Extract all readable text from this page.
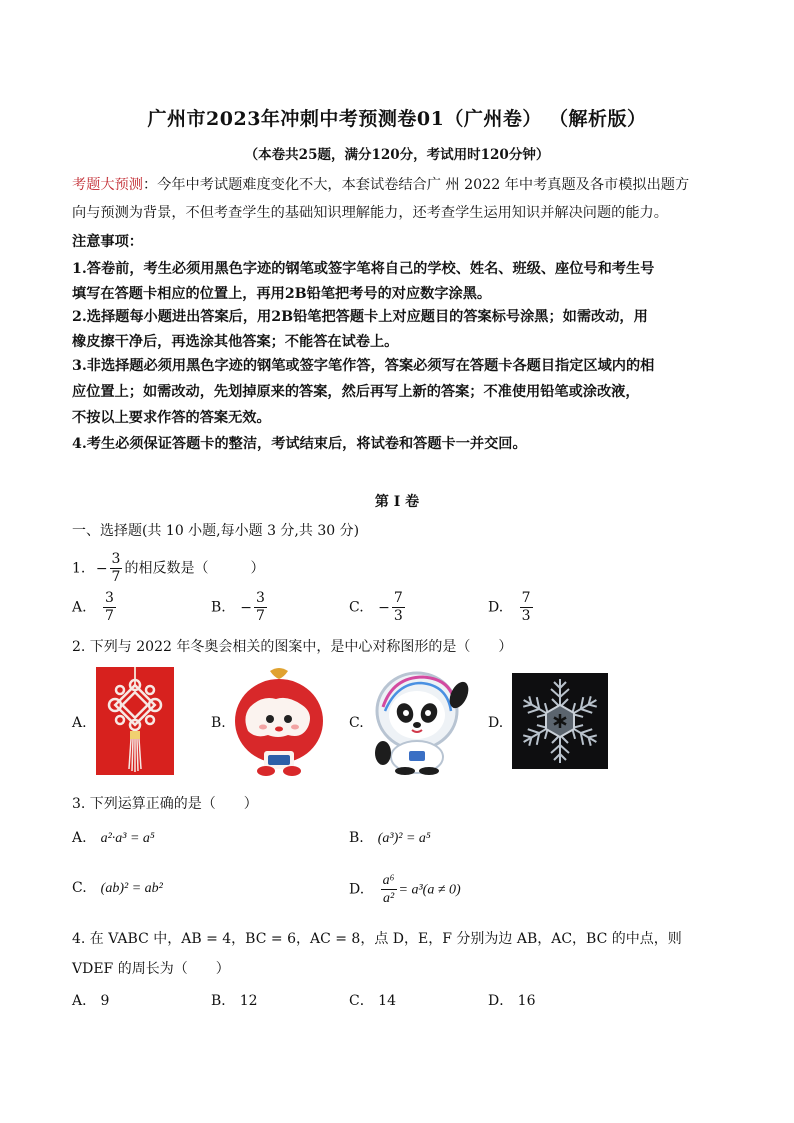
广州市2023年冲刺中考预测卷01（广州卷） （解析版）
（本卷共25题，满分120分，考试用时120分钟）
考题大预测：今年中考试题难度变化不大，本套试卷结合广 州 2022 年中考真题及各市模拟出题方
向与预测为背景，不但考查学生的基础知识理解能力，还考查学生运用知识并解决问题的能力。
注意事项：
1.答卷前，考生必须用黑色字迹的钢笔或签字笔将自己的学校、姓名、班级、座位号和考生号
填写在答题卡相应的位置上，再用2B铅笔把考号的对应数字涂黑。
2.选择题每小题进出答案后，用2B铅笔把答题卡上对应题目的答案标号涂黑；如需改动，用
橡皮擦干净后，再选涂其他答案；不能答在试卷上。
3.非选择题必须用黑色字迹的钢笔或签字笔作答，答案必须写在答题卡各题目指定区域内的相
应位置上；如需改动，先划掉原来的答案，然后再写上新的答案；不准使用铅笔或涂改液，
不按以上要求作答的答案无效。
4.考生必须保证答题卡的整洁，考试结束后，将试卷和答题卡一并交回。
第 I 卷
一、选择题(共 10 小题,每小题 3 分,共 30 分)
1. − $\frac{3}{7}$ 的相反数是（　　　）
A. $\frac{3}{7}$	B. − $\frac{3}{7}$	C. − $\frac{7}{3}$	D. $\frac{7}{3}$
2. 下列与 2022 年冬奥会相关的图案中，是中心对称图形的是（　　）
A.	B.	C.	D.
3. 下列运算正确的是（　　）
A. a²·a³ = a⁵	B. (a³)² = a⁵
C. (ab)² = ab²	D. $\frac{\text{a⁶}}{\text{a²}} = a^3(a \ne 0)$
4. 在 VABC 中，AB = 4，BC = 6，AC = 8，点 D，E，F 分别为边 AB，AC，BC 的中点，则
VDEF 的周长为（　　）
A． 9	B． 12	C． 14	D． 16
